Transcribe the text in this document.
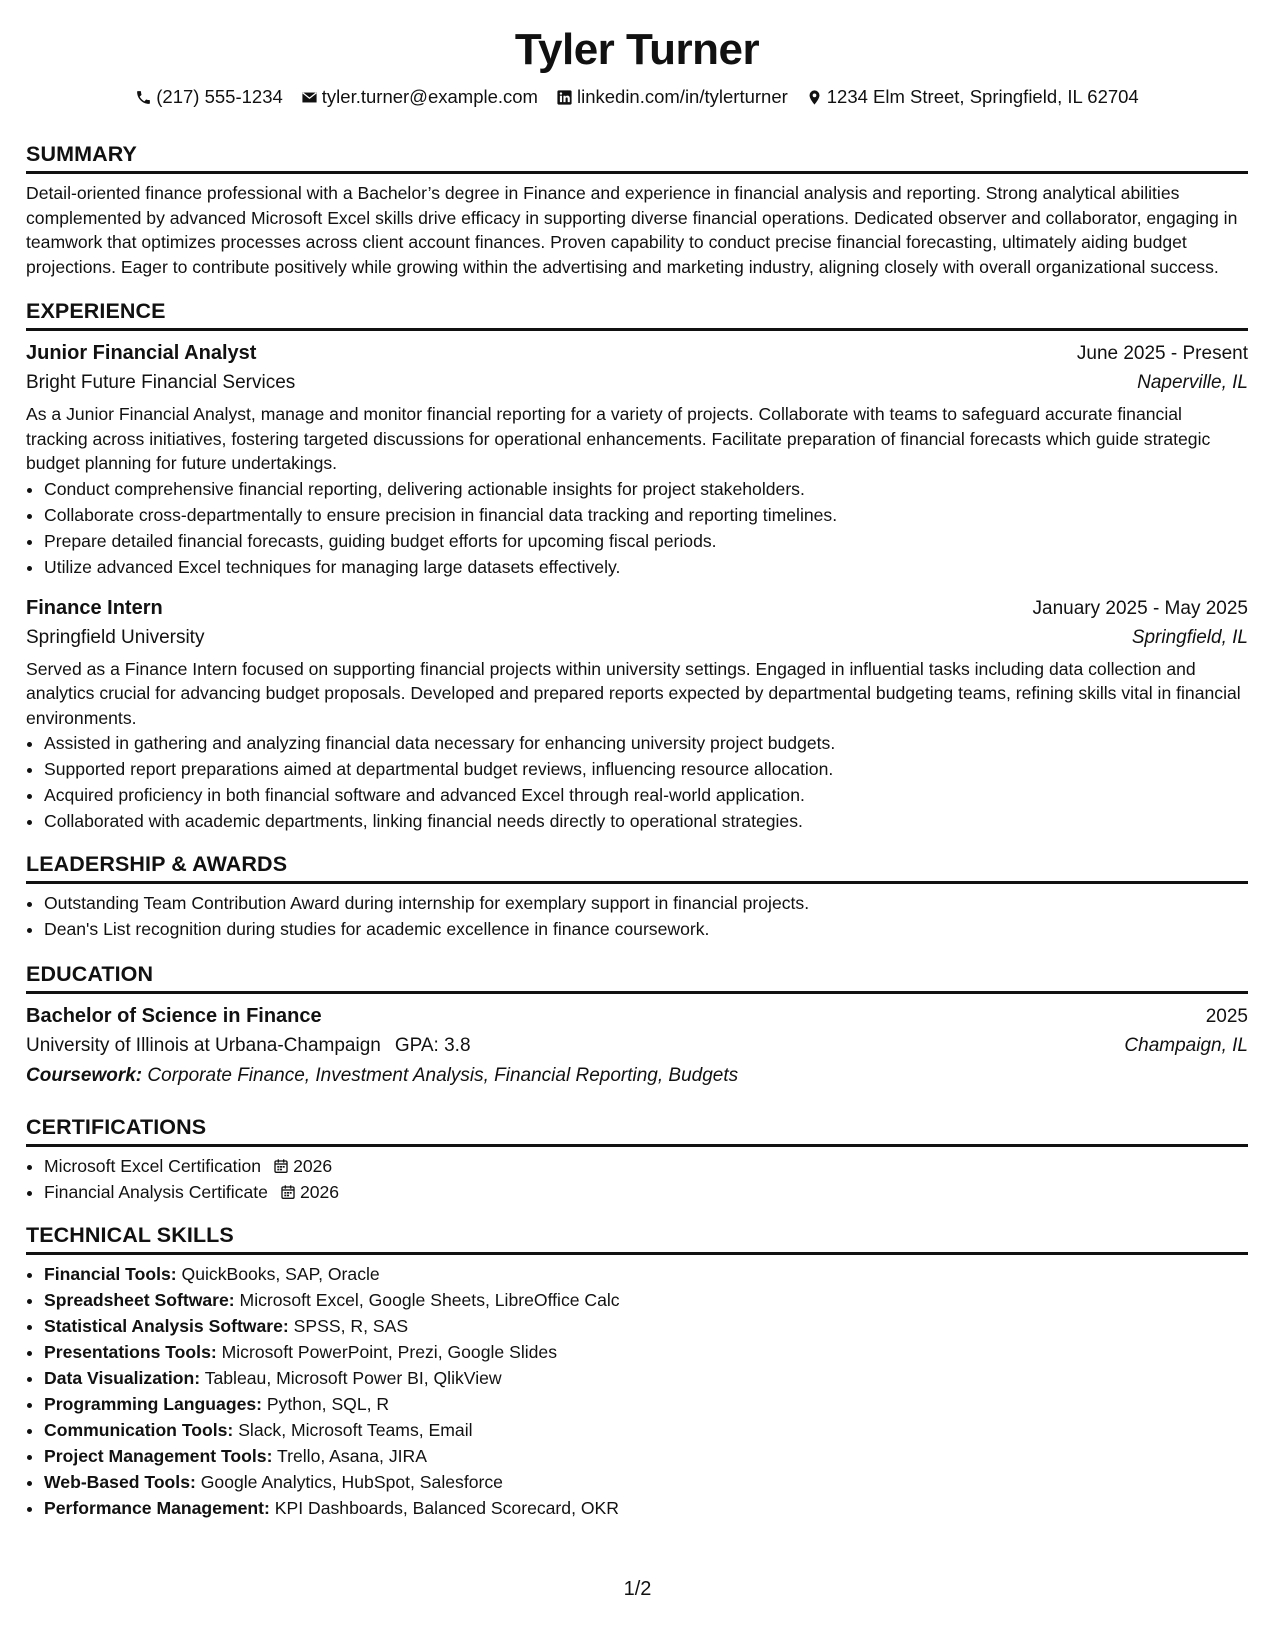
Tyler Turner
(217) 555-1234 tyler.turner@example.com linkedin.com/in/tylerturner 1234 Elm Street, Springfield, IL 62704
SUMMARY
Detail-oriented finance professional with a Bachelor’s degree in Finance and experience in financial analysis and reporting. Strong analytical abilities complemented by advanced Microsoft Excel skills drive efficacy in supporting diverse financial operations. Dedicated observer and collaborator, engaging in teamwork that optimizes processes across client account finances. Proven capability to conduct precise financial forecasting, ultimately aiding budget projections. Eager to contribute positively while growing within the advertising and marketing industry, aligning closely with overall organizational success.
EXPERIENCE
Junior Financial Analyst	June 2025 - Present
Bright Future Financial Services	Naperville, IL
As a Junior Financial Analyst, manage and monitor financial reporting for a variety of projects. Collaborate with teams to safeguard accurate financial tracking across initiatives, fostering targeted discussions for operational enhancements. Facilitate preparation of financial forecasts which guide strategic budget planning for future undertakings.
• Conduct comprehensive financial reporting, delivering actionable insights for project stakeholders.
• Collaborate cross-departmentally to ensure precision in financial data tracking and reporting timelines.
• Prepare detailed financial forecasts, guiding budget efforts for upcoming fiscal periods.
• Utilize advanced Excel techniques for managing large datasets effectively.
Finance Intern	January 2025 - May 2025
Springfield University	Springfield, IL
Served as a Finance Intern focused on supporting financial projects within university settings. Engaged in influential tasks including data collection and analytics crucial for advancing budget proposals. Developed and prepared reports expected by departmental budgeting teams, refining skills vital in financial environments.
• Assisted in gathering and analyzing financial data necessary for enhancing university project budgets.
• Supported report preparations aimed at departmental budget reviews, influencing resource allocation.
• Acquired proficiency in both financial software and advanced Excel through real-world application.
• Collaborated with academic departments, linking financial needs directly to operational strategies.
LEADERSHIP & AWARDS
• Outstanding Team Contribution Award during internship for exemplary support in financial projects.
• Dean's List recognition during studies for academic excellence in finance coursework.
EDUCATION
Bachelor of Science in Finance	2025
University of Illinois at Urbana-Champaign GPA: 3.8	Champaign, IL
Coursework: Corporate Finance, Investment Analysis, Financial Reporting, Budgets
CERTIFICATIONS
• Microsoft Excel Certification 2026
• Financial Analysis Certificate 2026
TECHNICAL SKILLS
• Financial Tools: QuickBooks, SAP, Oracle
• Spreadsheet Software: Microsoft Excel, Google Sheets, LibreOffice Calc
• Statistical Analysis Software: SPSS, R, SAS
• Presentations Tools: Microsoft PowerPoint, Prezi, Google Slides
• Data Visualization: Tableau, Microsoft Power BI, QlikView
• Programming Languages: Python, SQL, R
• Communication Tools: Slack, Microsoft Teams, Email
• Project Management Tools: Trello, Asana, JIRA
• Web-Based Tools: Google Analytics, HubSpot, Salesforce
• Performance Management: KPI Dashboards, Balanced Scorecard, OKR
1/2
